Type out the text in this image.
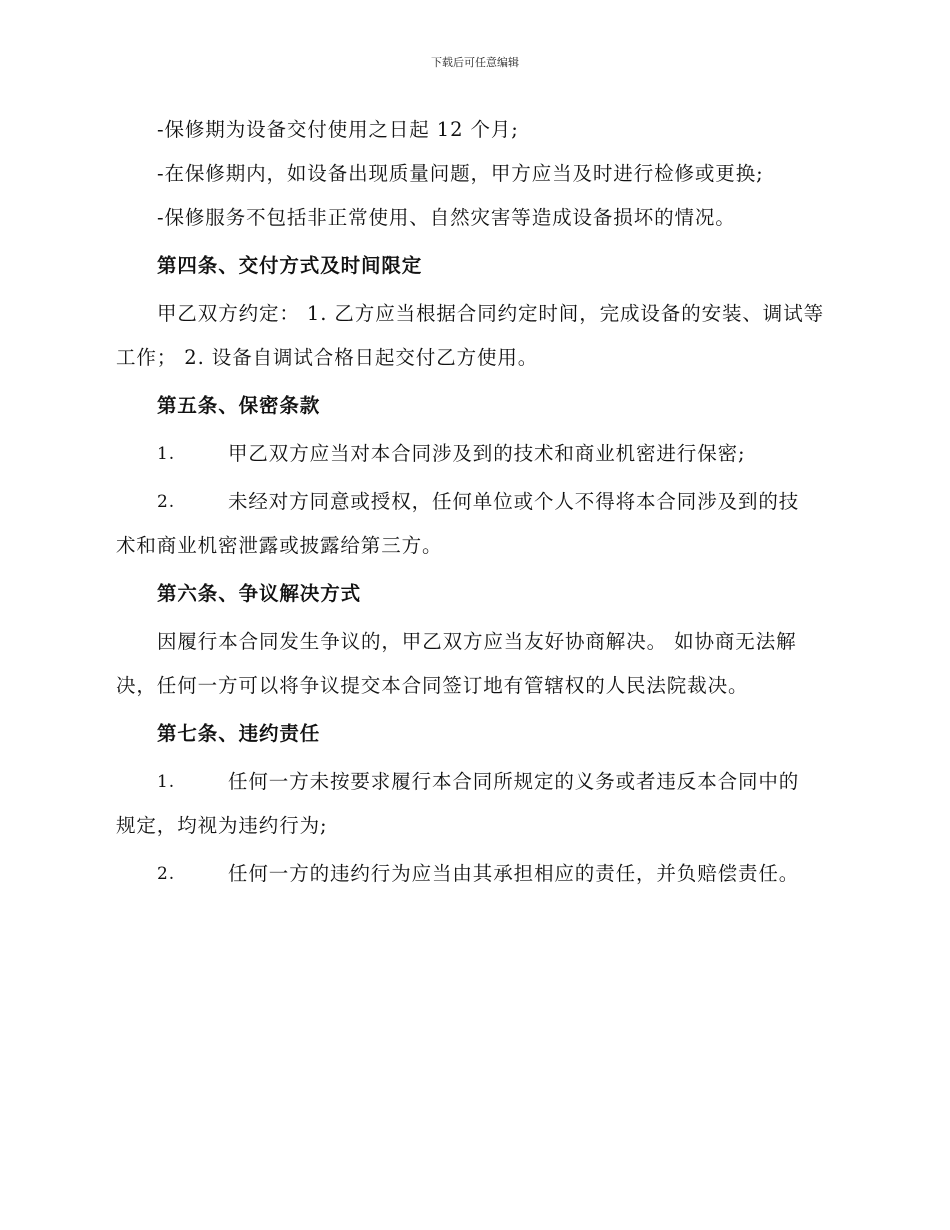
下载后可任意编辑

-保修期为设备交付使用之日起 12 个月;

-在保修期内，如设备出现质量问题，甲方应当及时进行检修或更换;

-保修服务不包括非正常使用、自然灾害等造成设备损坏的情况。

第四条、交付方式及时间限定

甲乙双方约定： 1. 乙方应当根据合同约定时间，完成设备的安装、调试等工作； 2. 设备自调试合格日起交付乙方使用。

第五条、保密条款
1.	甲乙双方应当对本合同涉及到的技术和商业机密进行保密;
2.	未经对方同意或授权，任何单位或个人不得将本合同涉及到的技

术和商业机密泄露或披露给第三方。

第六条、争议解决方式

因履行本合同发生争议的，甲乙双方应当友好协商解决。 如协商无法解决，任何一方可以将争议提交本合同签订地有管辖权的人民法院裁决。

第七条、违约责任
1.	任何一方未按要求履行本合同所规定的义务或者违反本合同中的

规定，均视为违约行为;

2.	任何一方的违约行为应当由其承担相应的责任，并负赔偿责任。
